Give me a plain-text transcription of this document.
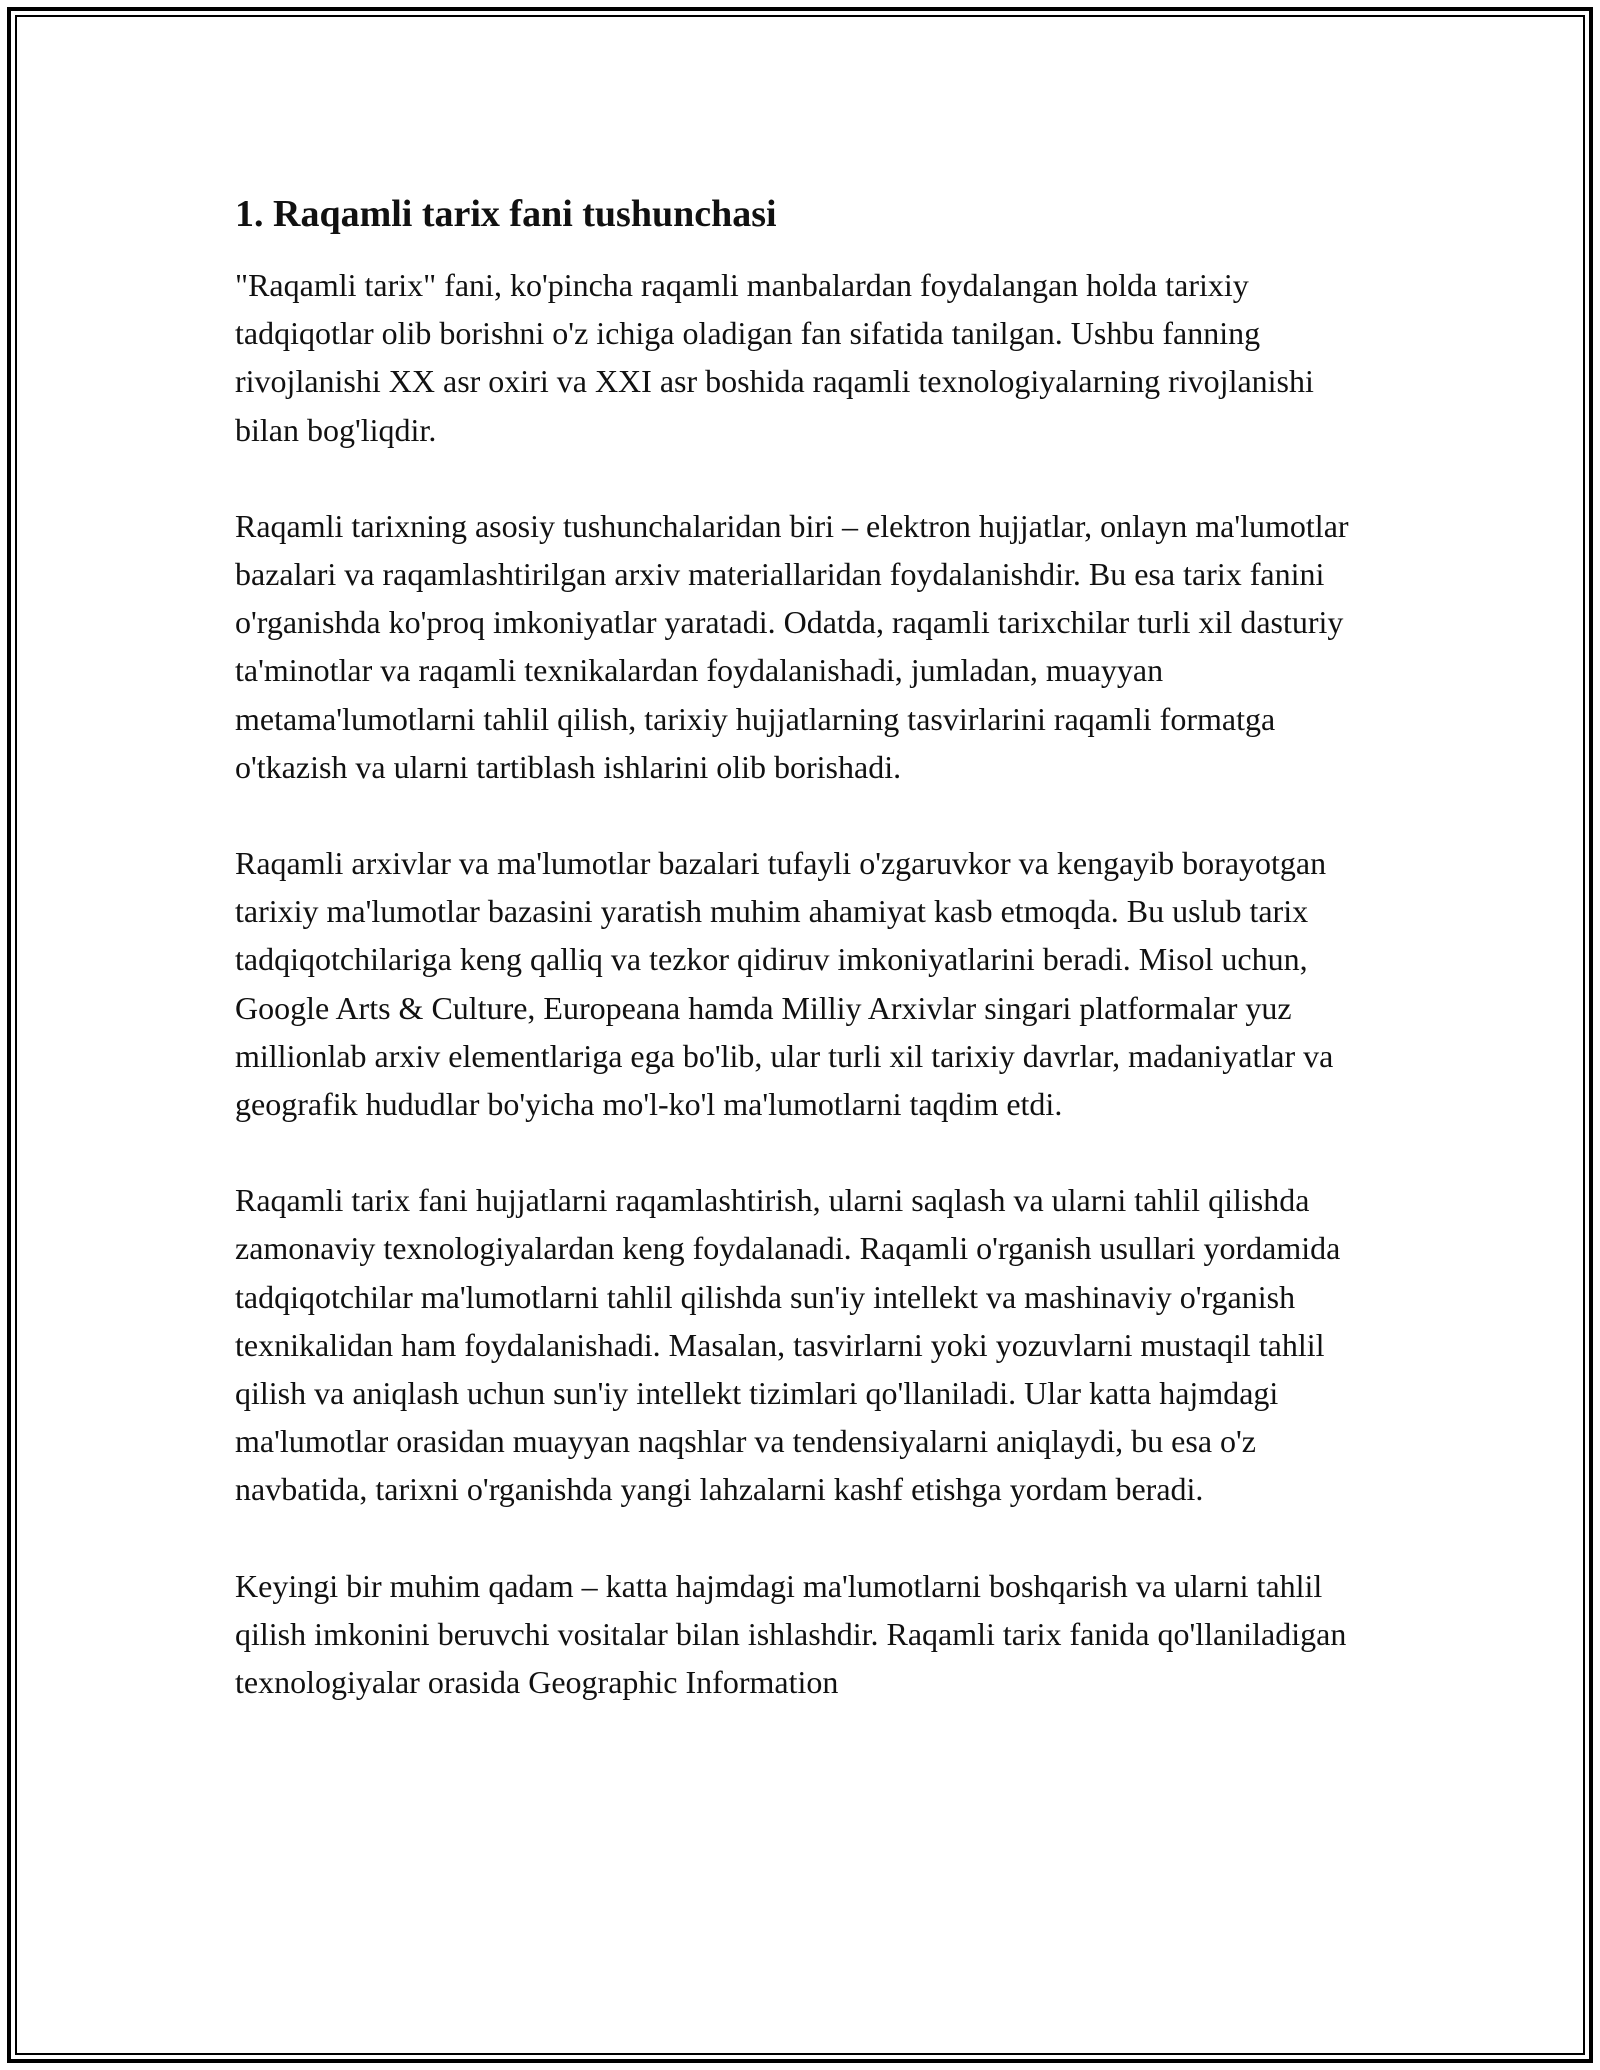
1. Raqamli tarix fani tushunchasi

"Raqamli tarix" fani, ko'pincha raqamli manbalardan foydalangan holda tarixiy tadqiqotlar olib borishni o'z ichiga oladigan fan sifatida tanilgan. Ushbu fanning rivojlanishi XX asr oxiri va XXI asr boshida raqamli texnologiyalarning rivojlanishi bilan bog'liqdir.

Raqamli tarixning asosiy tushunchalaridan biri – elektron hujjatlar, onlayn ma'lumotlar bazalari va raqamlashtirilgan arxiv materiallaridan foydalanishdir. Bu esa tarix fanini o'rganishda ko'proq imkoniyatlar yaratadi. Odatda, raqamli tarixchilar turli xil dasturiy ta'minotlar va raqamli texnikalardan foydalanishadi, jumladan, muayyan metama'lumotlarni tahlil qilish, tarixiy hujjatlarning tasvirlarini raqamli formatga o'tkazish va ularni tartiblash ishlarini olib borishadi.

Raqamli arxivlar va ma'lumotlar bazalari tufayli o'zgaruvkor va kengayib borayotgan tarixiy ma'lumotlar bazasini yaratish muhim ahamiyat kasb etmoqda. Bu uslub tarix tadqiqotchilariga keng qalliq va tezkor qidiruv imkoniyatlarini beradi. Misol uchun, Google Arts & Culture, Europeana hamda Milliy Arxivlar singari platformalar yuz millionlab arxiv elementlariga ega bo'lib, ular turli xil tarixiy davrlar, madaniyatlar va geografik hududlar bo'yicha mo'l-ko'l ma'lumotlarni taqdim etdi.

Raqamli tarix fani hujjatlarni raqamlashtirish, ularni saqlash va ularni tahlil qilishda zamonaviy texnologiyalardan keng foydalanadi. Raqamli o'rganish usullari yordamida tadqiqotchilar ma'lumotlarni tahlil qilishda sun'iy intellekt va mashinaviy o'rganish texnikalidan ham foydalanishadi. Masalan, tasvirlarni yoki yozuvlarni mustaqil tahlil qilish va aniqlash uchun sun'iy intellekt tizimlari qo'llaniladi. Ular katta hajmdagi ma'lumotlar orasidan muayyan naqshlar va tendensiyalarni aniqlaydi, bu esa o'z navbatida, tarixni o'rganishda yangi lahzalarni kashf etishga yordam beradi.

Keyingi bir muhim qadam – katta hajmdagi ma'lumotlarni boshqarish va ularni tahlil qilish imkonini beruvchi vositalar bilan ishlashdir. Raqamli tarix fanida qo'llaniladigan texnologiyalar orasida Geographic Information
